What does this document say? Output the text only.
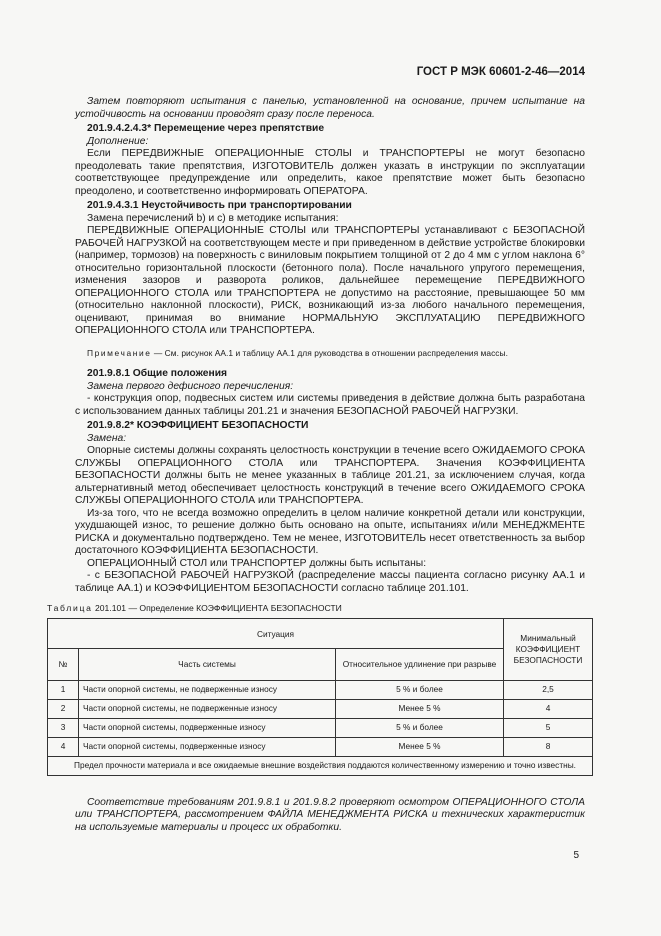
ГОСТ Р МЭК 60601-2-46—2014

Затем повторяют испытания с панелью, установленной на основание, причем испытание на устойчивость на основании проводят сразу после переноса.

201.9.4.2.4.3* Перемещение через препятствие

Дополнение:

Если ПЕРЕДВИЖНЫЕ ОПЕРАЦИОННЫЕ СТОЛЫ и ТРАНСПОРТЕРЫ не могут безопасно преодолевать такие препятствия, ИЗГОТОВИТЕЛЬ должен указать в инструкции по эксплуатации соответствующее предупреждение или определить, какое препятствие может быть безопасно преодолено, и соответственно информировать ОПЕРАТОРА.

201.9.4.3.1 Неустойчивость при транспортировании

Замена перечислений b) и с) в методике испытания:

ПЕРЕДВИЖНЫЕ ОПЕРАЦИОННЫЕ СТОЛЫ или ТРАНСПОРТЕРЫ устанавливают с БЕЗОПАСНОЙ РАБОЧЕЙ НАГРУЗКОЙ на соответствующем месте и при приведенном в действие устройстве блокировки (например, тормозов) на поверхность с виниловым покрытием толщиной от 2 до 4 мм с углом наклона 6° относительно горизонтальной плоскости (бетонного пола). После начального упругого перемещения, изменения зазоров и разворота роликов, дальнейшее перемещение ПЕРЕДВИЖНОГО ОПЕРАЦИОННОГО СТОЛА или ТРАНСПОРТЕРА не допустимо на расстояние, превышающее 50 мм (относительно наклонной плоскости), РИСК, возникающий из-за любого начального перемещения, оценивают, принимая во внимание НОРМАЛЬНУЮ ЭКСПЛУАТАЦИЮ ПЕРЕДВИЖНОГО ОПЕРАЦИОННОГО СТОЛА или ТРАНСПОРТЕРА.

Примечание — См. рисунок АА.1 и таблицу АА.1 для руководства в отношении распределения массы.

201.9.8.1 Общие положения

Замена первого дефисного перечисления:

- конструкция опор, подвесных систем или системы приведения в действие должна быть разработана с использованием данных таблицы 201.21 и значения БЕЗОПАСНОЙ РАБОЧЕЙ НАГРУЗКИ.

201.9.8.2* КОЭФФИЦИЕНТ БЕЗОПАСНОСТИ

Замена:

Опорные системы должны сохранять целостность конструкции в течение всего ОЖИДАЕМОГО СРОКА СЛУЖБЫ ОПЕРАЦИОННОГО СТОЛА или ТРАНСПОРТЕРА. Значения КОЭФФИЦИЕНТА БЕЗОПАСНОСТИ должны быть не менее указанных в таблице 201.21, за исключением случая, когда альтернативный метод обеспечивает целостность конструкций в течение всего ОЖИДАЕМОГО СРОКА СЛУЖБЫ ОПЕРАЦИОННОГО СТОЛА или ТРАНСПОРТЕРА.

Из-за того, что не всегда возможно определить в целом наличие конкретной детали или конструкции, ухудшающей износ, то решение должно быть основано на опыте, испытаниях и/или МЕНЕДЖМЕНТЕ РИСКА и документально подтверждено. Тем не менее, ИЗГОТОВИТЕЛЬ несет ответственность за выбор достаточного КОЭФФИЦИЕНТА БЕЗОПАСНОСТИ.

ОПЕРАЦИОННЫЙ СТОЛ или ТРАНСПОРТЕР должны быть испытаны:

- с БЕЗОПАСНОЙ РАБОЧЕЙ НАГРУЗКОЙ (распределение массы пациента согласно рисунку АА.1 и таблице АА.1) и КОЭФФИЦИЕНТОМ БЕЗОПАСНОСТИ согласно таблице 201.101.

Таблица 201.101 — Определение КОЭФФИЦИЕНТА БЕЗОПАСНОСТИ

Ситуация			Минимальный КОЭФФИЦИЕНТ БЕЗОПАСНОСТИ
№	Часть системы	Относительное удлинение при разрыве	
1	Части опорной системы, не подверженные износу	5 % и более	2,5
2	Части опорной системы, не подверженные износу	Менее 5 %	4
3	Части опорной системы, подверженные износу	5 % и более	5
4	Части опорной системы, подверженные износу	Менее 5 %	8
Предел прочности материала и все ожидаемые внешние воздействия поддаются количественному измерению и точно известны.			

Соответствие требованиям 201.9.8.1 и 201.9.8.2 проверяют осмотром ОПЕРАЦИОННОГО СТОЛА или ТРАНСПОРТЕРА, рассмотрением ФАЙЛА МЕНЕДЖМЕНТА РИСКА и технических характеристик на используемые материалы и процесс их обработки.

5
